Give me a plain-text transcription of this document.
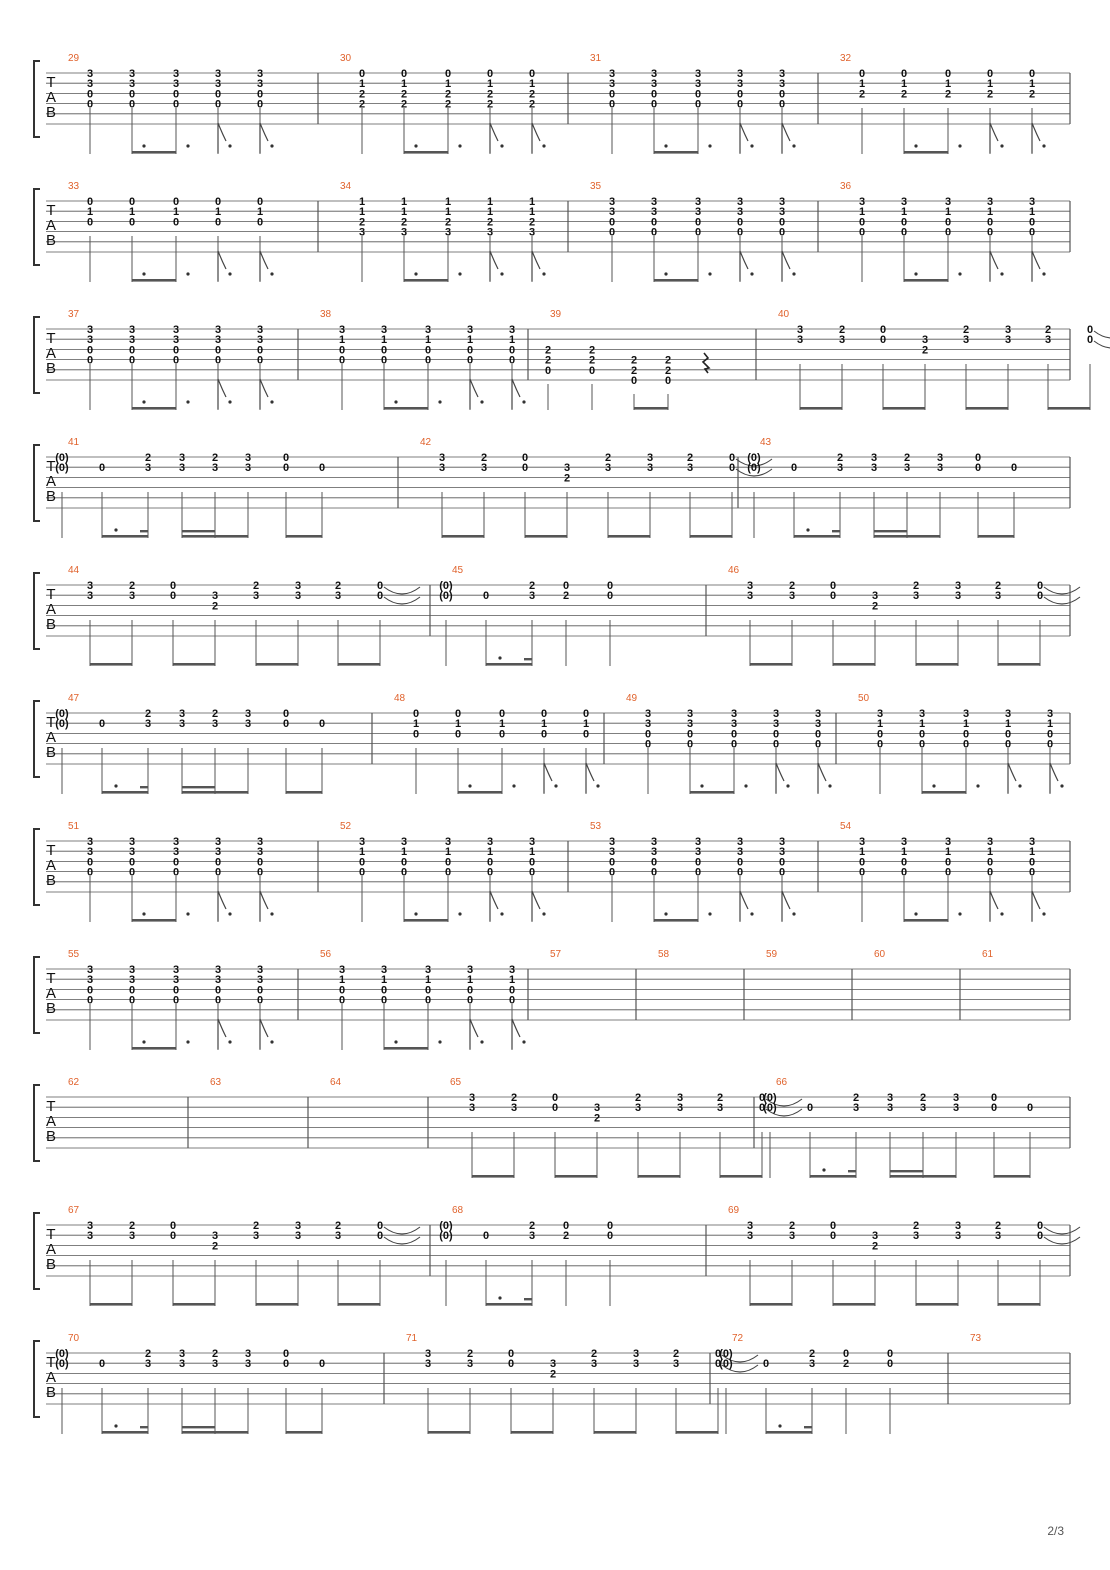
T
A
B
29
3
3
0
0
3
3
0
0
3
3
0
0
3
3
0
0
3
3
0
0
30
0
1
2
2
0
1
2
2
0
1
2
2
0
1
2
2
0
1
2
2
31
3
3
0
0
3
3
0
0
3
3
0
0
3
3
0
0
3
3
0
0
32
0
1
2
0
1
2
0
1
2
0
1
2
0
1
2
T
A
B
33
0
1
0
0
1
0
0
1
0
0
1
0
0
1
0
34
1
1
2
3
1
1
2
3
1
1
2
3
1
1
2
3
1
1
2
3
35
3
3
0
0
3
3
0
0
3
3
0
0
3
3
0
0
3
3
0
0
36
3
1
0
0
3
1
0
0
3
1
0
0
3
1
0
0
3
1
0
0
T
A
B
37
3
3
0
0
3
3
0
0
3
3
0
0
3
3
0
0
3
3
0
0
38
3
1
0
0
3
1
0
0
3
1
0
0
3
1
0
0
3
1
0
0
39
2
2
0
2
2
0
2
2
0
2
2
0
40
3
3
2
3
0
0	3
2
2
3
3
3
2
3
0
0
T
A
B
41
(0)
(0)	0
2
3
3
3
2
3
3
3
0
0	0
42
3
3
2
3
0
0	3
2
2
3
3
3
2
3
0
0
43
(0)
(0)	0
2
3
3
3
2
3
3
3
0
0	0
T
A
B
44
3
3
2
3
0
0	3
2
2
3
3
3
2
3
0
0
45
(0)
(0)	0
2
3
0
2
0
0
46
3
3
2
3
0
0	3
2
2
3
3
3
2
3
0
0
T
A
B
47
(0)
(0)	0
2
3
3
3
2
3
3
3
0
0	0
48
0
1
0
0
1
0
0
1
0
0
1
0
0
1
0
49
3
3
0
0
3
3
0
0
3
3
0
0
3
3
0
0
3
3
0
0
50
3
1
0
0
3
1
0
0
3
1
0
0
3
1
0
0
3
1
0
0
T
A
B
51
3
3
0
0
3
3
0
0
3
3
0
0
3
3
0
0
3
3
0
0
52
3
1
0
0
3
1
0
0
3
1
0
0
3
1
0
0
3
1
0
0
53
3
3
0
0
3
3
0
0
3
3
0
0
3
3
0
0
3
3
0
0
54
3
1
0
0
3
1
0
0
3
1
0
0
3
1
0
0
3
1
0
0
T
A
B
55
3
3
0
0
3
3
0
0
3
3
0
0
3
3
0
0
3
3
0
0
56
3
1
0
0
3
1
0
0
3
1
0
0
3
1
0
0
3
1
0
0
57	58	59	60	61
T
A
B
62	63	64	65
3
3
2
3
0
0	3
2
2
3
3
3
2
3
0
0
66
(0)
(0)	0
2
3
3
3
2
3
3
3
0
0	0
T
A
B
67
3
3
2
3
0
0	3
2
2
3
3
3
2
3
0
0
68
(0)
(0)	0
2
3
0
2
0
0
69
3
3
2
3
0
0	3
2
2
3
3
3
2
3
0
0
T
A
B
70
(0)
(0)	0
2
3
3
3
2
3
3
3
0
0	0
71
3
3
2
3
0
0	3
2
2
3
3
3
2
3
0
0
72
(0)
(0)	0
2
3
0
2
0
0
73
2/3
